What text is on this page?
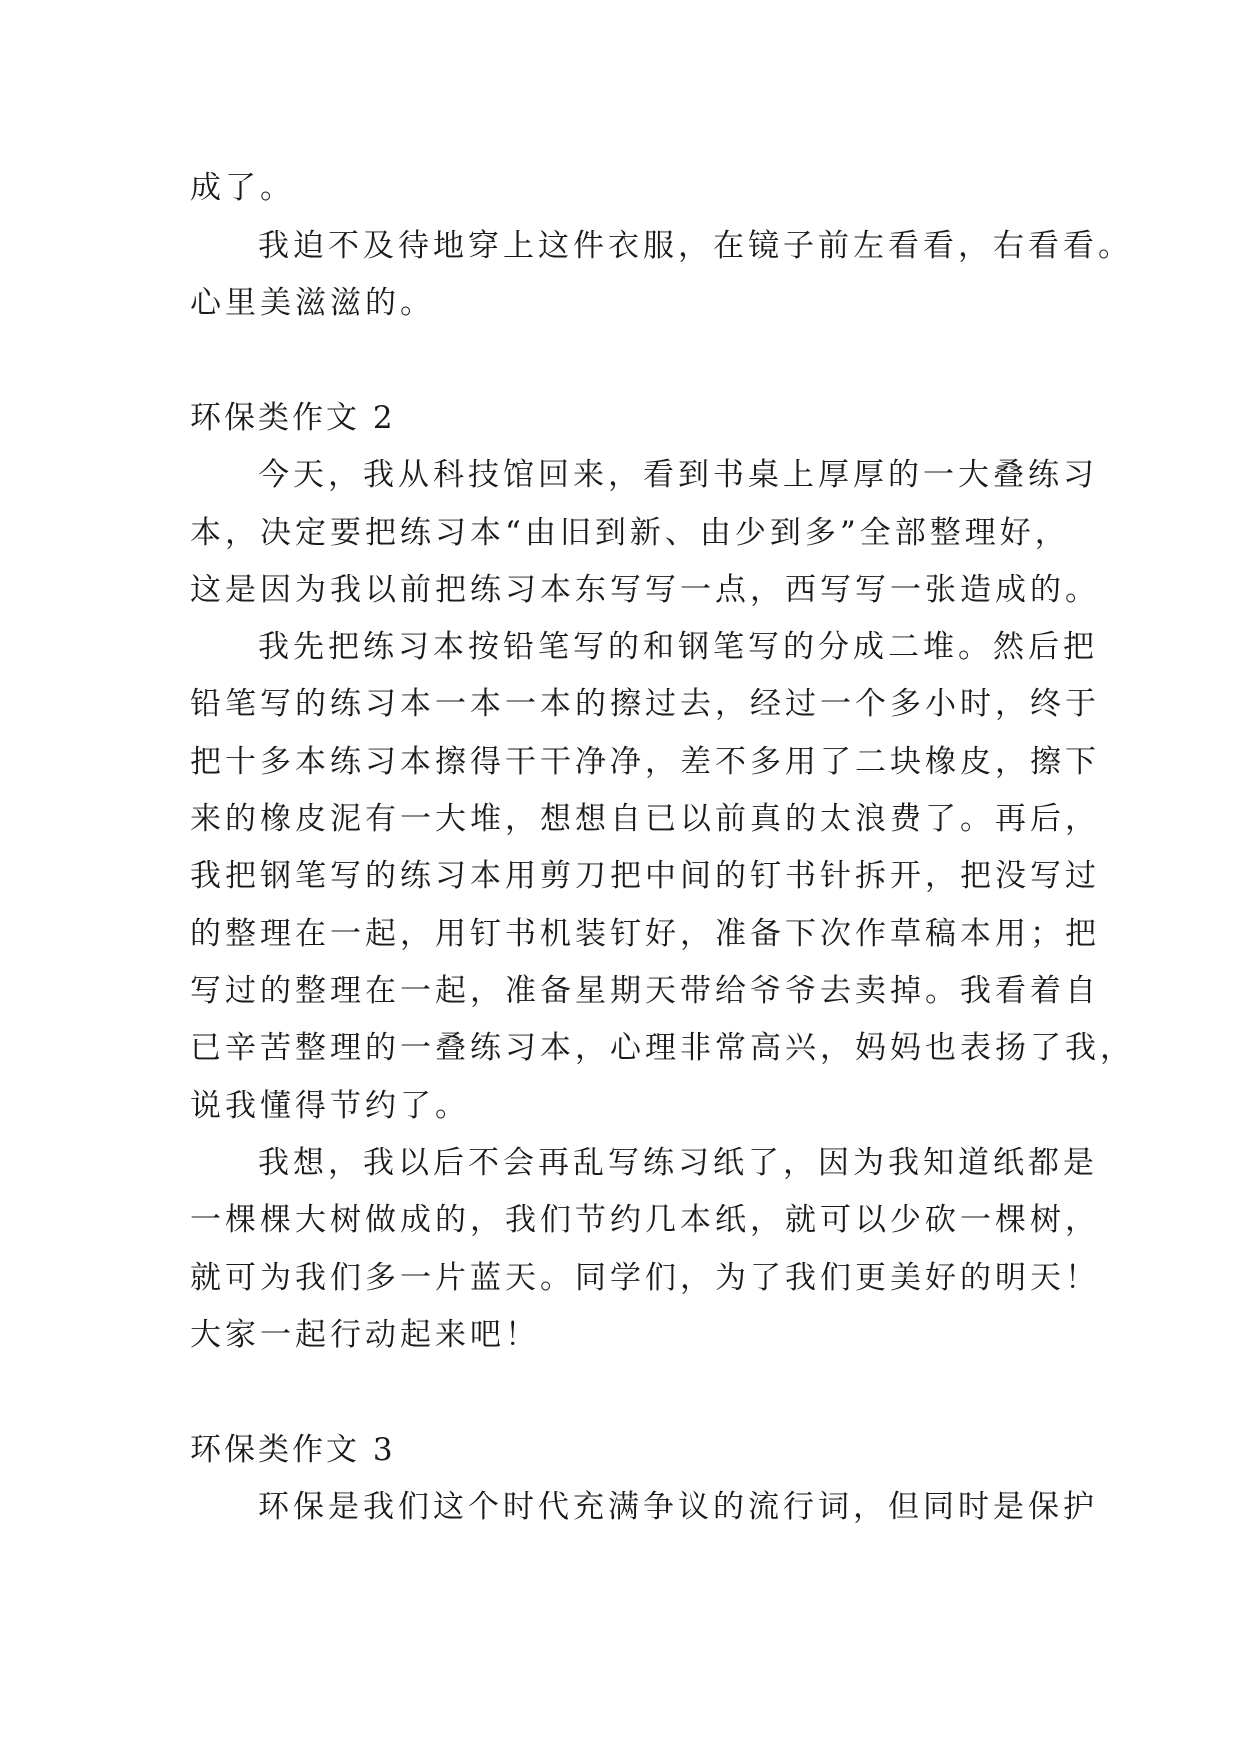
成了。
我迫不及待地穿上这件衣服，在镜子前左看看，右看看。
心里美滋滋的。
环保类作文 2
今天，我从科技馆回来，看到书桌上厚厚的一大叠练习
本，决定要把练习本“由旧到新、由少到多”全部整理好，
这是因为我以前把练习本东写写一点，西写写一张造成的。
我先把练习本按铅笔写的和钢笔写的分成二堆。然后把
铅笔写的练习本一本一本的擦过去，经过一个多小时，终于
把十多本练习本擦得干干净净，差不多用了二块橡皮，擦下
来的橡皮泥有一大堆，想想自已以前真的太浪费了。再后，
我把钢笔写的练习本用剪刀把中间的钉书针拆开，把没写过
的整理在一起，用钉书机装钉好，准备下次作草稿本用；把
写过的整理在一起，准备星期天带给爷爷去卖掉。我看着自
已辛苦整理的一叠练习本，心理非常高兴，妈妈也表扬了我，
说我懂得节约了。
我想，我以后不会再乱写练习纸了，因为我知道纸都是
一棵棵大树做成的，我们节约几本纸，就可以少砍一棵树，
就可为我们多一片蓝天。同学们，为了我们更美好的明天！
大家一起行动起来吧！
环保类作文 3
环保是我们这个时代充满争议的流行词，但同时是保护
